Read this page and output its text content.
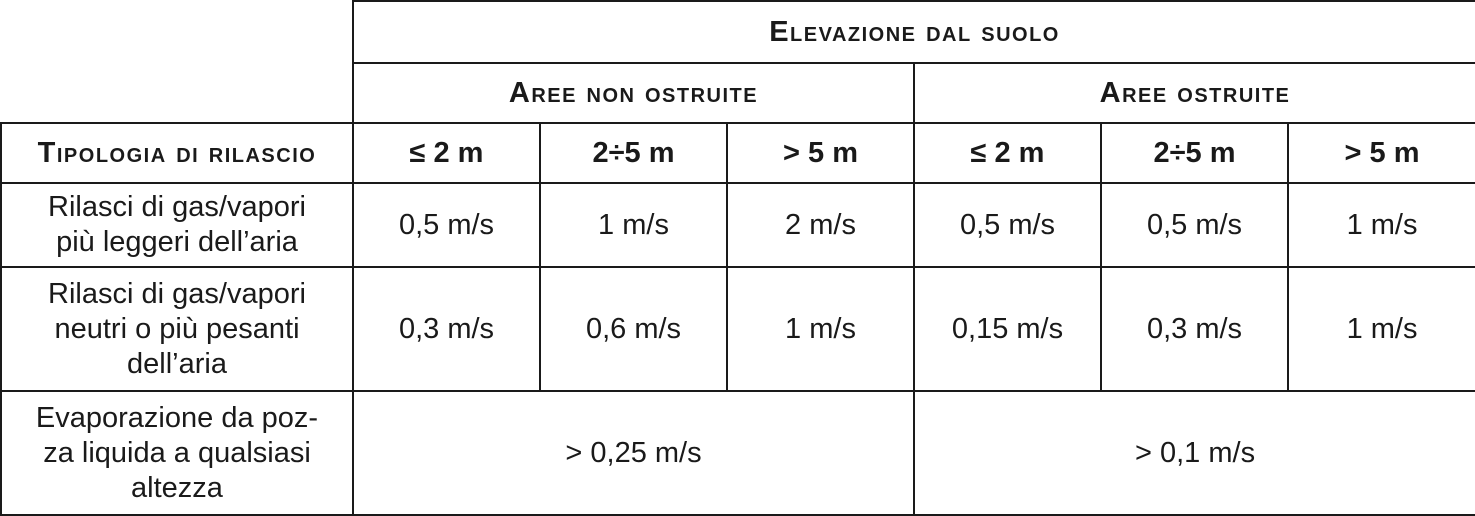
	Elevazione dal suolo					
	Aree non ostruite			Aree ostruite		
Tipologia di rilascio	≤ 2 m	2÷5 m	> 5 m	≤ 2 m	2÷5 m	> 5 m

Rilasci di gas/vapori
più leggeri dell’aria	0,5 m/s	1 m/s	2 m/s	0,5 m/s	0,5 m/s	1 m/s

Rilasci di gas/vapori
neutri o più pesanti
dell’aria	0,3 m/s	0,6 m/s	1 m/s	0,15 m/s	0,3 m/s	1 m/s

Evaporazione da poz-
za liquida a qualsiasi
altezza	> 0,25 m/s			> 0,1 m/s		
